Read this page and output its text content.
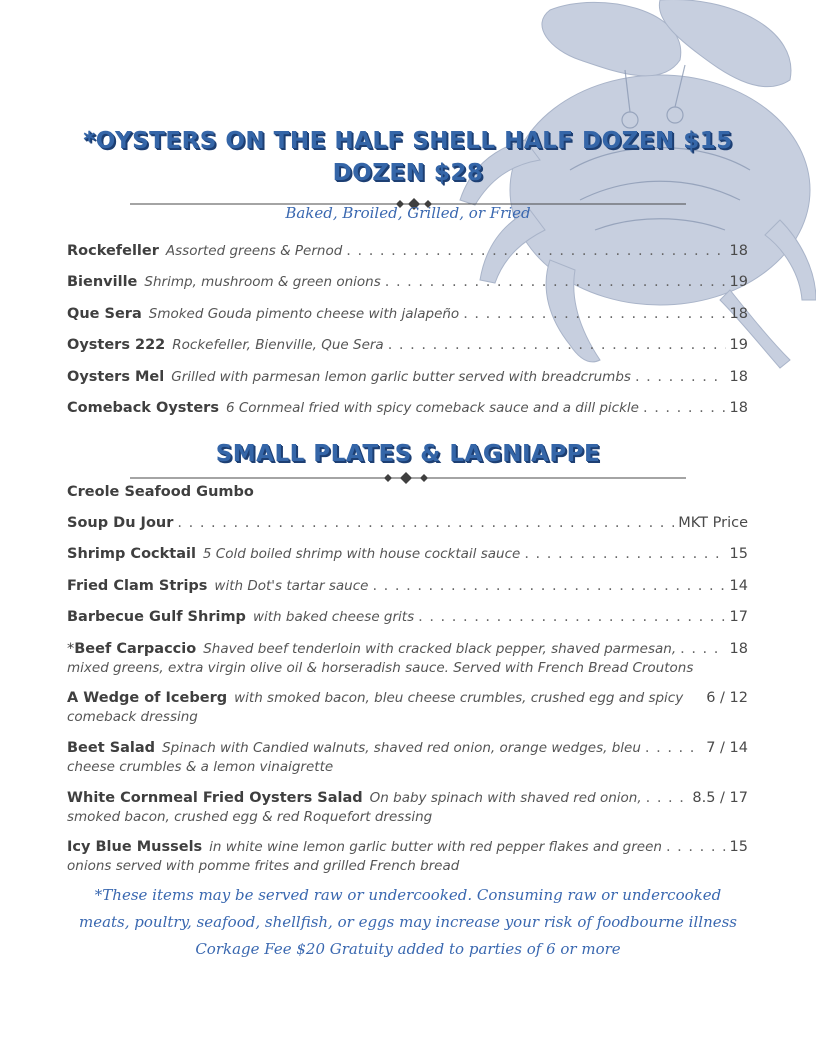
*OYSTERS ON THE HALF SHELL HALF DOZEN $15 DOZEN $28
Baked, Broiled, Grilled, or Fried
Rockefeller Assorted greens & Pernod . . .	18
Bienville Shrimp, mushroom & green onions . . .	19
Que Sera Smoked Gouda pimento cheese with jalapeño . . .	18
Oysters 222 Rockefeller, Bienville, Que Sera . . .	19
Oysters Mel Grilled with parmesan lemon garlic butter served with breadcrumbs . . .	18
Comeback Oysters 6 Cornmeal fried with spicy comeback sauce and a dill pickle . . .	18
SMALL PLATES & LAGNIAPPE
Creole Seafood Gumbo
Soup Du Jour . . .	MKT Price
Shrimp Cocktail 5 Cold boiled shrimp with house cocktail sauce . . .	15
Fried Clam Strips with Dot's tartar sauce . . .	14
Barbecue Gulf Shrimp with baked cheese grits . . .	17
* Beef Carpaccio Shaved beef tenderloin with cracked black pepper, shaved parmesan, . . .	18
mixed greens, extra virgin olive oil & horseradish sauce. Served with French Bread Croutons
A Wedge of Iceberg with smoked bacon, bleu cheese crumbles, crushed egg and spicy 6 / 12
comeback dressing
Beet Salad Spinach with Candied walnuts, shaved red onion, orange wedges, bleu . . .	7 / 14
cheese crumbles & a lemon vinaigrette
White Cornmeal Fried Oysters Salad On baby spinach with shaved red onion, . . .	8.5 / 17
smoked bacon, crushed egg & red Roquefort dressing
Icy Blue Mussels in white wine lemon garlic butter with red pepper flakes and green . . .	15
onions served with pomme frites and grilled French bread
*These items may be served raw or undercooked. Consuming raw or undercooked
meats, poultry, seafood, shellfish, or eggs may increase your risk of foodbourne illness
Corkage Fee $20 Gratuity added to parties of 6 or more
